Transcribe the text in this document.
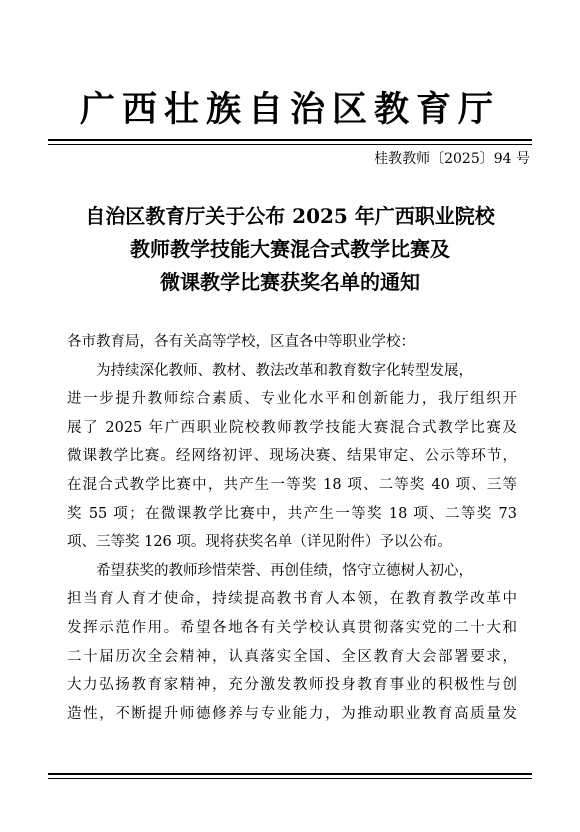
广西壮族自治区教育厅
桂教教师〔2025〕94 号
自治区教育厅关于公布 2025 年广西职业院校
教师教学技能大赛混合式教学比赛及
微课教学比赛获奖名单的通知
各市教育局，各有关高等学校，区直各中等职业学校：
为持续深化教师、教材、教法改革和教育数字化转型发展，
进一步提升教师综合素质、专业化水平和创新能力，我厅组织开
展了 2025 年广西职业院校教师教学技能大赛混合式教学比赛及
微课教学比赛。经网络初评、现场决赛、结果审定、公示等环节，
在混合式教学比赛中，共产生一等奖 18 项、二等奖 40 项、三等
奖 55 项；在微课教学比赛中，共产生一等奖 18 项、二等奖 73
项、三等奖 126 项。现将获奖名单（详见附件）予以公布。
希望获奖的教师珍惜荣誉、再创佳绩，恪守立德树人初心，
担当育人育才使命，持续提高教书育人本领，在教育教学改革中
发挥示范作用。希望各地各有关学校认真贯彻落实党的二十大和
二十届历次全会精神，认真落实全国、全区教育大会部署要求，
大力弘扬教育家精神，充分激发教师投身教育事业的积极性与创
造性，不断提升师德修养与专业能力，为推动职业教育高质量发
